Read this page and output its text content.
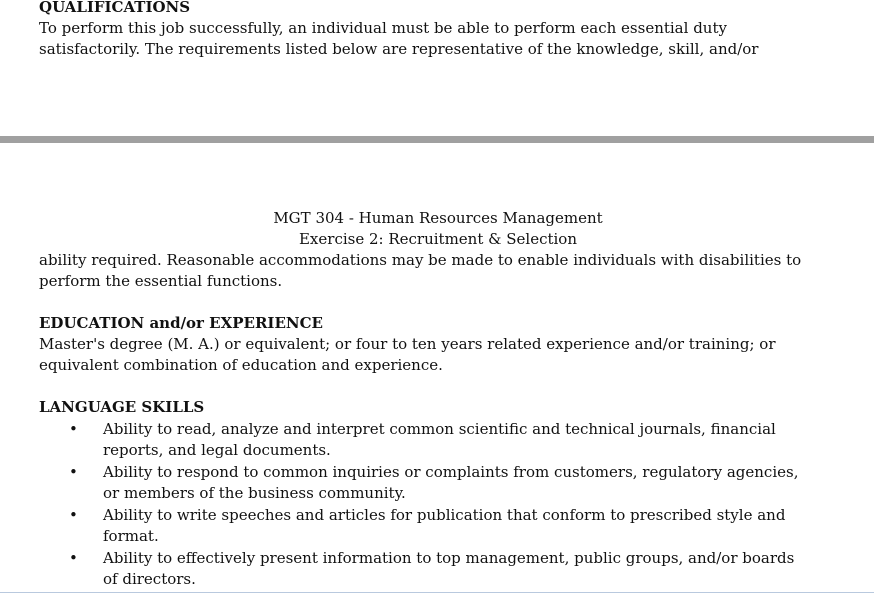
QUALIFICATIONS
To perform this job successfully, an individual must be able to perform each essential duty
satisfactorily. The requirements listed below are representative of the knowledge, skill, and/or
MGT 304 - Human Resources Management
Exercise 2: Recruitment & Selection
ability required. Reasonable accommodations may be made to enable individuals with disabilities to
perform the essential functions.
EDUCATION and/or EXPERIENCE
Master's degree (M. A.) or equivalent; or four to ten years related experience and/or training; or
equivalent combination of education and experience.
LANGUAGE SKILLS
• Ability to read, analyze and interpret common scientific and technical journals, financial
reports, and legal documents.
• Ability to respond to common inquiries or complaints from customers, regulatory agencies,
or members of the business community.
• Ability to write speeches and articles for publication that conform to prescribed style and
format.
• Ability to effectively present information to top management, public groups, and/or boards
of directors.
